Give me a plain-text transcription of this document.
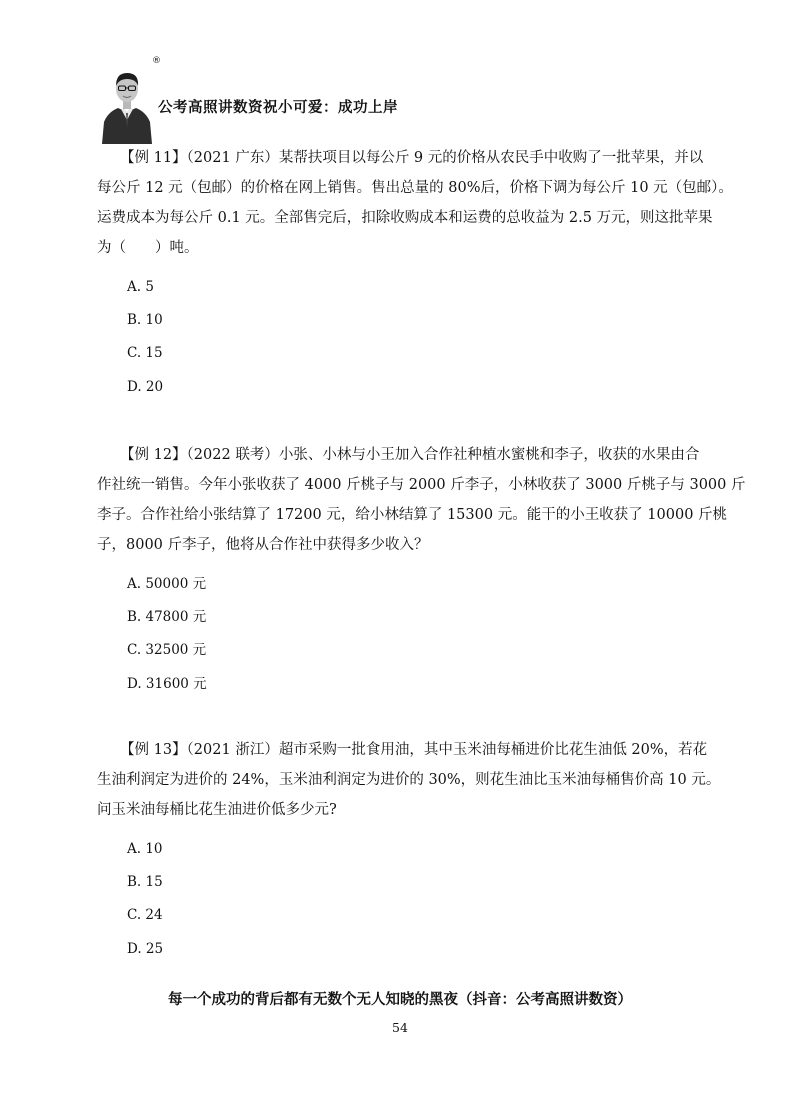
®
公考高照讲数资祝小可爱：成功上岸
【例 11】（2021 广东）某帮扶项目以每公斤 9 元的价格从农民手中收购了一批苹果，并以
每公斤 12 元（包邮）的价格在网上销售。售出总量的 80%后，价格下调为每公斤 10 元（包邮）。
运费成本为每公斤 0.1 元。全部售完后，扣除收购成本和运费的总收益为 2.5 万元，则这批苹果
为（　　）吨。
A. 5
B. 10
C. 15
D. 20
【例 12】（2022 联考）小张、小林与小王加入合作社种植水蜜桃和李子，收获的水果由合
作社统一销售。今年小张收获了 4000 斤桃子与 2000 斤李子，小林收获了 3000 斤桃子与 3000 斤
李子。合作社给小张结算了 17200 元，给小林结算了 15300 元。能干的小王收获了 10000 斤桃
子，8000 斤李子，他将从合作社中获得多少收入？
A. 50000 元
B. 47800 元
C. 32500 元
D. 31600 元
【例 13】（2021 浙江）超市采购一批食用油，其中玉米油每桶进价比花生油低 20%，若花
生油利润定为进价的 24%，玉米油利润定为进价的 30%，则花生油比玉米油每桶售价高 10 元。
问玉米油每桶比花生油进价低多少元?
A. 10
B. 15
C. 24
D. 25
每一个成功的背后都有无数个无人知晓的黑夜（抖音：公考高照讲数资）
54
